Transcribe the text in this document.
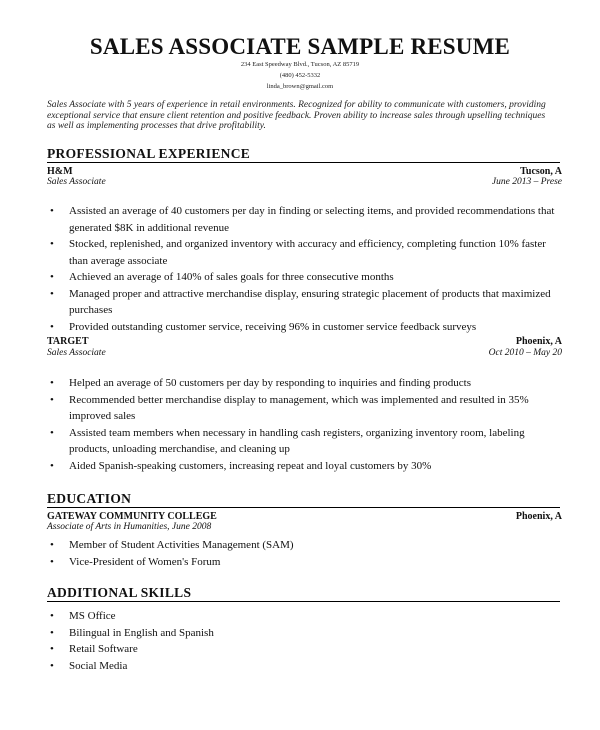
SALES ASSOCIATE SAMPLE RESUME
234 East Speedway Blvd., Tucson, AZ 85719
(480) 452-5332
linda_brown@gmail.com
Sales Associate with 5 years of experience in retail environments. Recognized for ability to communicate with customers, providing exceptional service that ensure client retention and positive feedback. Proven ability to increase sales through upselling techniques as well as implementing processes that drive profitability.
PROFESSIONAL EXPERIENCE
H&M	Tucson, A
Sales Associate	June 2013 – Prese
• Assisted an average of 40 customers per day in finding or selecting items, and provided recommendations that generated $8K in additional revenue
• Stocked, replenished, and organized inventory with accuracy and efficiency, completing function 10% faster than average associate
• Achieved an average of 140% of sales goals for three consecutive months
• Managed proper and attractive merchandise display, ensuring strategic placement of products that maximized purchases
• Provided outstanding customer service, receiving 96% in customer service feedback surveys
TARGET	Phoenix, A
Sales Associate	Oct 2010 – May 20
• Helped an average of 50 customers per day by responding to inquiries and finding products
• Recommended better merchandise display to management, which was implemented and resulted in 35% improved sales
• Assisted team members when necessary in handling cash registers, organizing inventory room, labeling products, unloading merchandise, and cleaning up
• Aided Spanish-speaking customers, increasing repeat and loyal customers by 30%
EDUCATION
GATEWAY COMMUNITY COLLEGE	Phoenix, A
Associate of Arts in Humanities, June 2008
• Member of Student Activities Management (SAM)
• Vice-President of Women's Forum
ADDITIONAL SKILLS
• MS Office
• Bilingual in English and Spanish
• Retail Software
• Social Media
